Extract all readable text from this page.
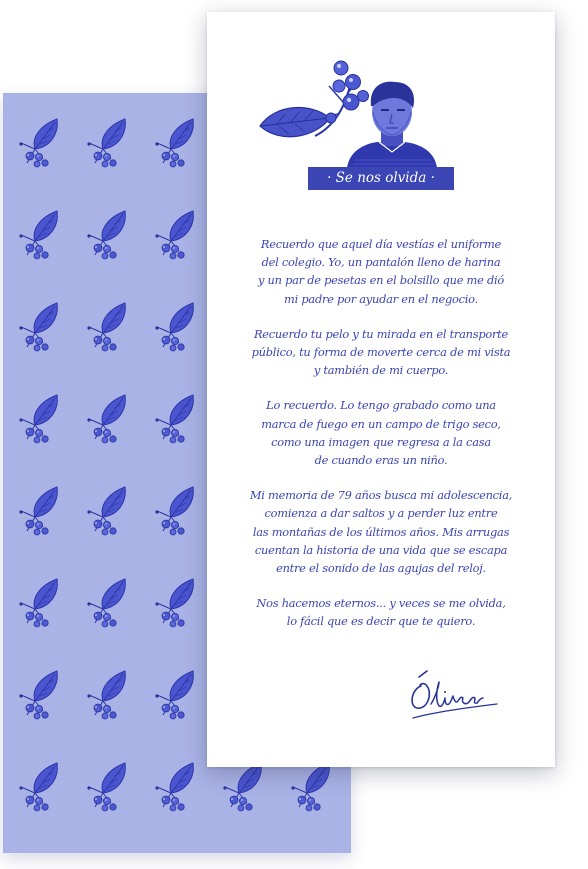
· Se nos olvida ·

Recuerdo que aquel día vestías el uniforme
del colegio. Yo, un pantalón lleno de harina
y un par de pesetas en el bolsillo que me dió
mi padre por ayudar en el negocio.

Recuerdo tu pelo y tu mirada en el transporte
público, tu forma de moverte cerca de mi vista
y también de mi cuerpo.

Lo recuerdo. Lo tengo grabado como una
marca de fuego en un campo de trigo seco,
como una imagen que regresa a la casa
de cuando eras un niño.

Mi memoria de 79 años busca mi adolescencia,
comienza a dar saltos y a perder luz entre
las montañas de los últimos años. Mis arrugas
cuentan la historia de una vida que se escapa
entre el sonido de las agujas del reloj.

Nos hacemos eternos... y veces se me olvida,
lo fácil que es decir que te quiero.
